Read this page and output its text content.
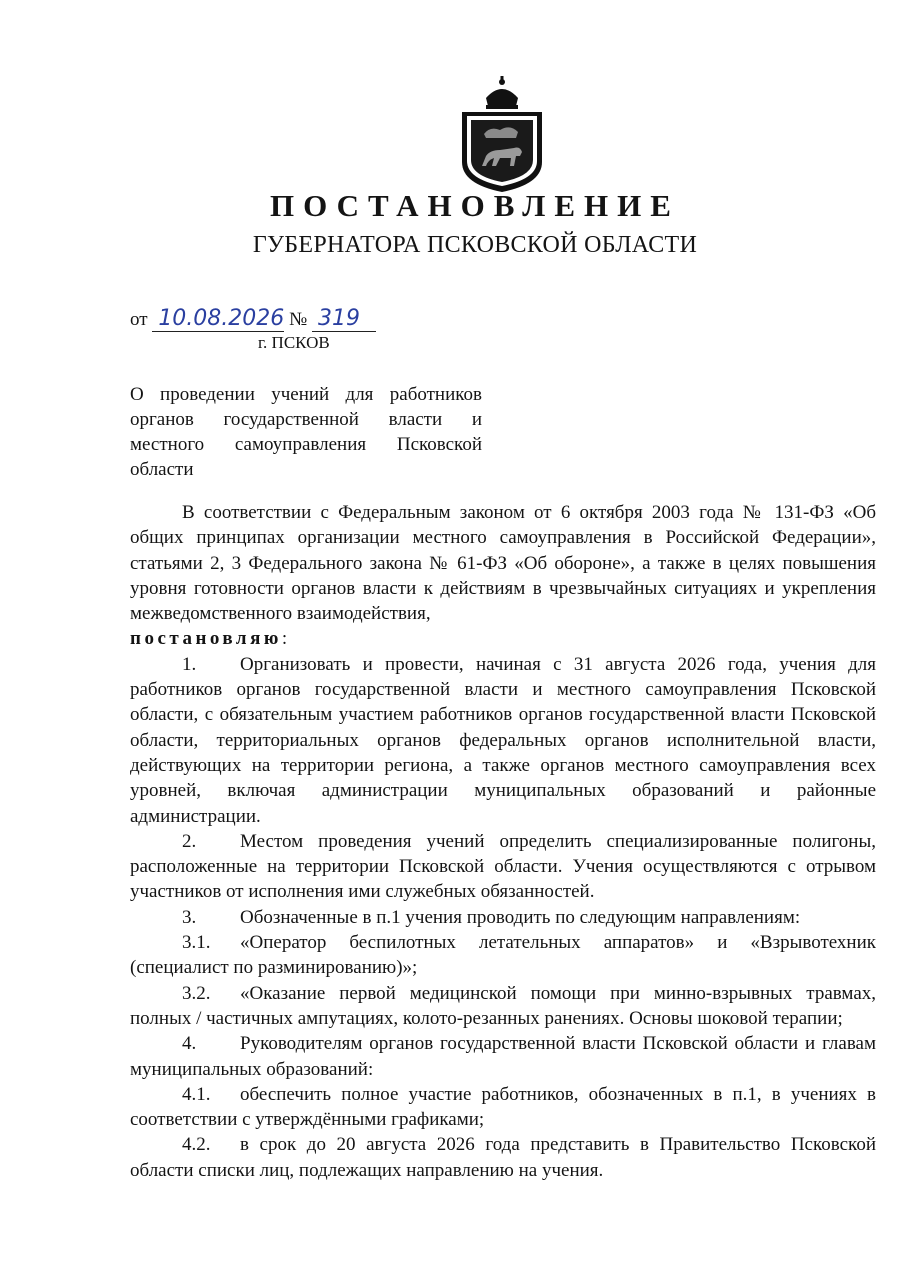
ПОСТАНОВЛЕНИЕ
ГУБЕРНАТОРА ПСКОВСКОЙ ОБЛАСТИ
от 10.08.2026 № 319
г. ПСКОВ
О проведении учений для работников органов государственной власти и местного самоуправления Псковской области

В соответствии с Федеральным законом от 6 октября 2003 года № 131-ФЗ «Об общих принципах организации местного самоуправления в Российской Федерации», статьями 2, 3 Федерального закона № 61-ФЗ «Об обороне», а также в целях повышения уровня готовности органов власти к действиям в чрезвычайных ситуациях и укрепления межведомственного взаимодействия,

постановляю:

1. Организовать и провести, начиная с 31 августа 2026 года, учения для работников органов государственной власти и местного самоуправления Псковской области, с обязательным участием работников органов государственной власти Псковской области, территориальных органов федеральных органов исполнительной власти, действующих на территории региона, а также органов местного самоуправления всех уровней, включая администрации муниципальных образований и районные администрации.

2. Местом проведения учений определить специализированные полигоны, расположенные на территории Псковской области. Учения осуществляются с отрывом участников от исполнения ими служебных обязанностей.

3. Обозначенные в п.1 учения проводить по следующим направлениям:

3.1. «Оператор беспилотных летательных аппаратов» и «Взрывотехник (специалист по разминированию)»;

3.2. «Оказание первой медицинской помощи при минно-взрывных травмах, полных / частичных ампутациях, колото-резанных ранениях. Основы шоковой терапии;

4. Руководителям органов государственной власти Псковской области и главам муниципальных образований:

4.1. обеспечить полное участие работников, обозначенных в п.1, в учениях в соответствии с утверждёнными графиками;

4.2. в срок до 20 августа 2026 года представить в Правительство Псковской области списки лиц, подлежащих направлению на учения.
